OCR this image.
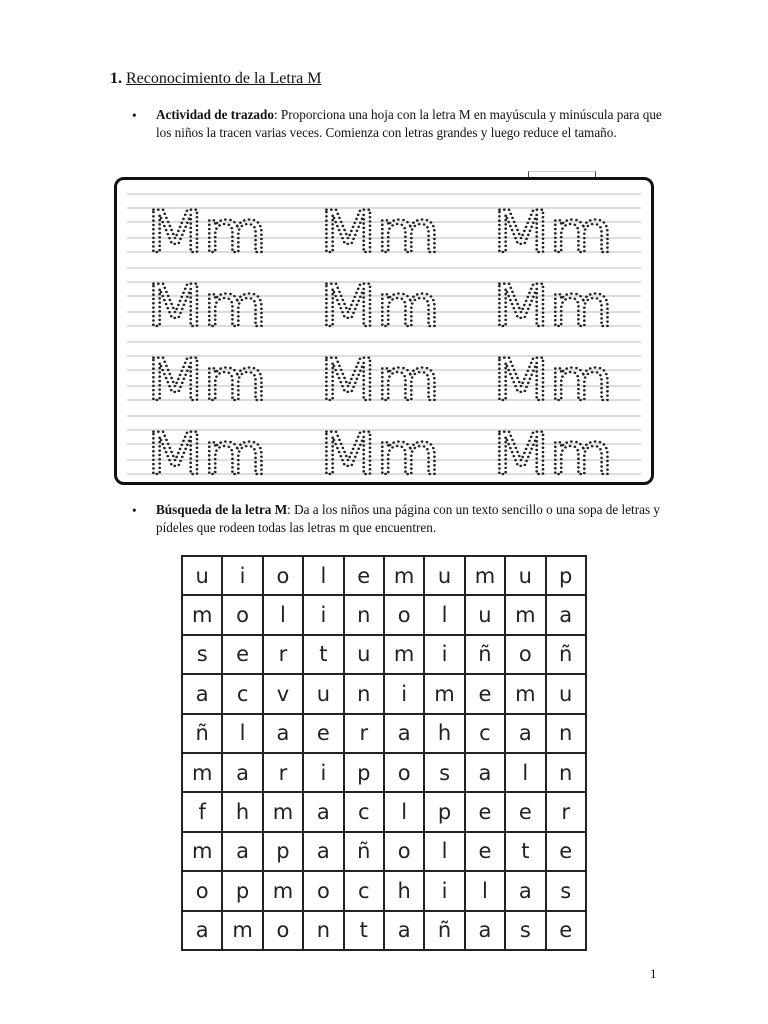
1. Reconocimiento de la Letra M
• Actividad de trazado: Proporciona una hoja con la letra M en mayúscula y minúscula para que los niños la tracen varias veces. Comienza con letras grandes y luego reduce el tamaño.
Mm Mm Mm
Mm Mm Mm
Mm Mm Mm
Mm Mm Mm
• Búsqueda de la letra M: Da a los niños una página con un texto sencillo o una sopa de letras y pídeles que rodeen todas las letras m que encuentren.
u	i	o	l	e	m	u	m	u	p
m	o	l	i	n	o	l	u	m	a
s	e	r	t	u	m	i	ñ	o	ñ
a	c	v	u	n	i	m	e	m	u
ñ	l	a	e	r	a	h	c	a	n
m	a	r	i	p	o	s	a	l	n
f	h	m	a	c	l	p	e	e	r
m	a	p	a	ñ	o	l	e	t	e
o	p	m	o	c	h	i	l	a	s
a	m	o	n	t	a	ñ	a	s	e
1
